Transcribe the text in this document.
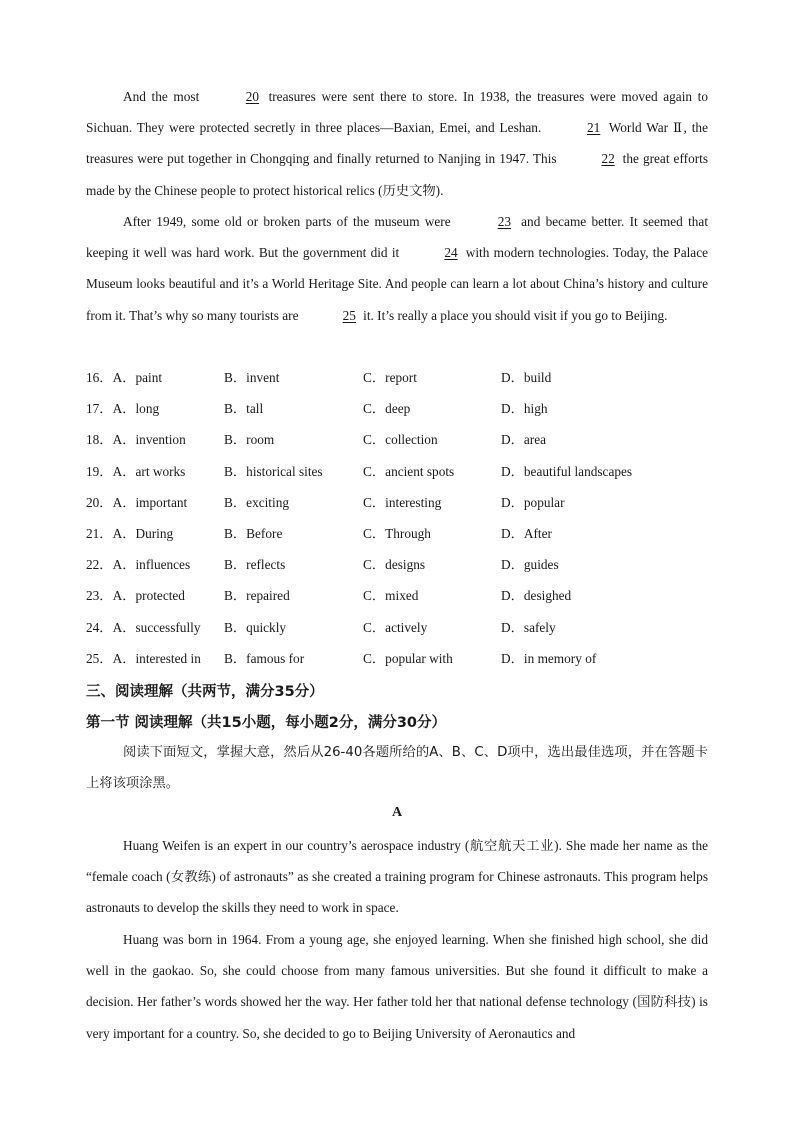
And the most	20 treasures were sent there to store. In 1938, the treasures were moved again to Sichuan. They were protected secretly in three places—Baxian, Emei, and Leshan.	21 World War Ⅱ, the treasures were put together in Chongqing and finally returned to Nanjing in 1947. This	22 the great efforts made by the Chinese people to protect historical relics (历史文物).
After 1949, some old or broken parts of the museum were	23 and became better. It seemed that keeping it well was hard work. But the government did it	24 with modern technologies. Today, the Palace Museum looks beautiful and it’s a World Heritage Site. And people can learn a lot about China’s history and culture from it. That’s why so many tourists are	25 it. It’s really a place you should visit if you go to Beijing.
16．A．paint	B．invent	C．report	D．build
17．A．long	B．tall	C．deep	D．high
18．A．invention	B．room	C．collection	D．area
19．A．art works	B．historical sites	C．ancient spots	D．beautiful landscapes
20．A．important	B．exciting	C．interesting	D．popular
21．A．During	B．Before	C．Through	D．After
22．A．influences	B．reflects	C．designs	D．guides
23．A．protected	B．repaired	C．mixed	D．desighed
24．A．successfully B．quickly	C．actively	D．safely
25．A．interested in B．famous for	C．popular with	D．in memory of
三、阅读理解（共两节，满分35分）
第一节 阅读理解（共15小题，每小题2分，满分30分）
阅读下面短文，掌握大意，然后从26-40各题所给的A、B、C、D项中，选出最佳选项，并在答题卡上将该项涂黑。
A
Huang Weifen is an expert in our country’s aerospace industry (航空航天工业). She made her name as the “female coach (女教练) of astronauts” as she created a training program for Chinese astronauts. This program helps astronauts to develop the skills they need to work in space.
Huang was born in 1964. From a young age, she enjoyed learning. When she finished high school, she did well in the gaokao. So, she could choose from many famous universities. But she found it difficult to make a decision. Her father’s words showed her the way. Her father told her that national defense technology (国防科技) is very important for a country. So, she decided to go to Beijing University of Aeronautics and
